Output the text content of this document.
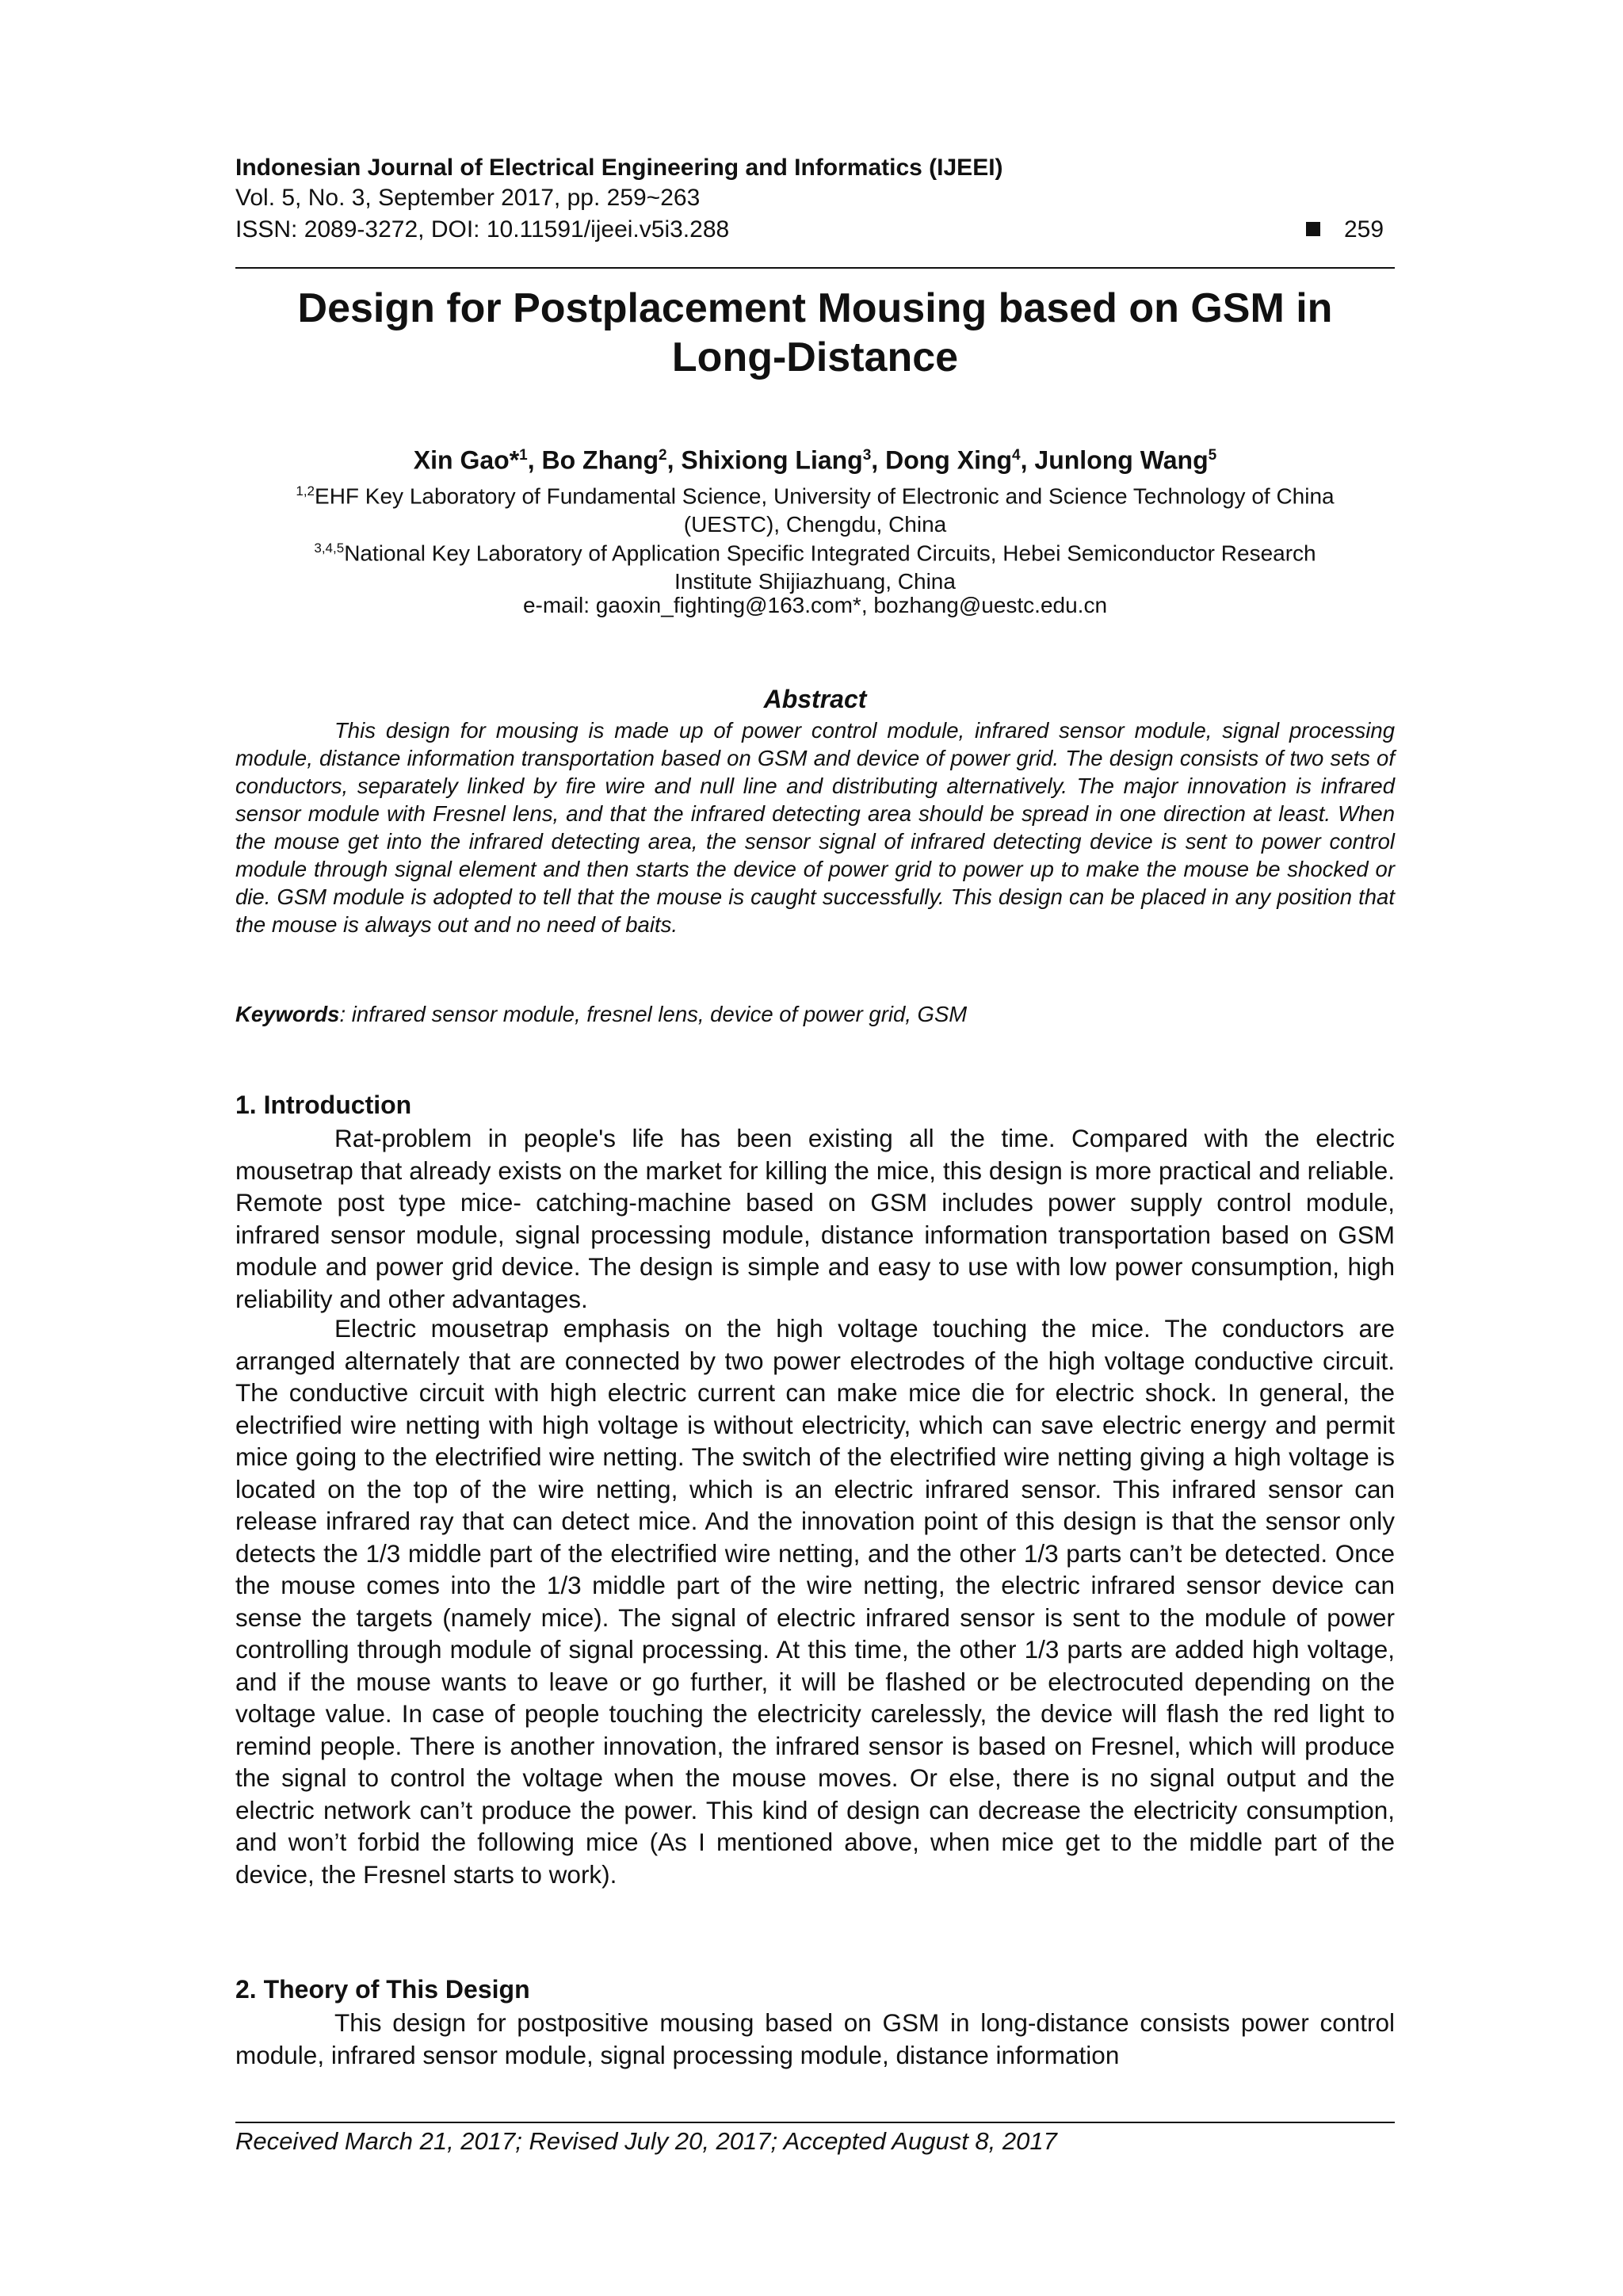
Indonesian Journal of Electrical Engineering and Informatics (IJEEI)
Vol. 5, No. 3, September 2017, pp. 259~263
ISSN: 2089-3272, DOI: 10.11591/ijeei.v5i3.288	259
Design for Postplacement Mousing based on GSM in
Long-Distance
Xin Gao*$^1$, Bo Zhang$^2$, Shixiong Liang$^3$, Dong Xing$^4$, Junlong Wang$^5$
$^{1,2}$EHF Key Laboratory of Fundamental Science, University of Electronic and Science Technology of China
(UESTC), Chengdu, China
$^{3,4,5}$National Key Laboratory of Application Specific Integrated Circuits, Hebei Semiconductor Research
Institute Shijiazhuang, China
e-mail: gaoxin_fighting@163.com*, bozhang@uestc.edu.cn
Abstract
This design for mousing is made up of power control module, infrared sensor module, signal processing module, distance information transportation based on GSM and device of power grid. The design consists of two sets of conductors, separately linked by fire wire and null line and distributing alternatively. The major innovation is infrared sensor module with Fresnel lens, and that the infrared detecting area should be spread in one direction at least. When the mouse get into the infrared detecting area, the sensor signal of infrared detecting device is sent to power control module through signal element and then starts the device of power grid to power up to make the mouse be shocked or die. GSM module is adopted to tell that the mouse is caught successfully. This design can be placed in any position that the mouse is always out and no need of baits.
Keywords: infrared sensor module, fresnel lens, device of power grid, GSM
1. Introduction
Rat-problem in people's life has been existing all the time. Compared with the electric mousetrap that already exists on the market for killing the mice, this design is more practical and reliable. Remote post type mice- catching-machine based on GSM includes power supply control module, infrared sensor module, signal processing module, distance information transportation based on GSM module and power grid device. The design is simple and easy to use with low power consumption, high reliability and other advantages.
Electric mousetrap emphasis on the high voltage touching the mice. The conductors are arranged alternately that are connected by two power electrodes of the high voltage conductive circuit. The conductive circuit with high electric current can make mice die for electric shock. In general, the electrified wire netting with high voltage is without electricity, which can save electric energy and permit mice going to the electrified wire netting. The switch of the electrified wire netting giving a high voltage is located on the top of the wire netting, which is an electric infrared sensor. This infrared sensor can release infrared ray that can detect mice. And the innovation point of this design is that the sensor only detects the 1/3 middle part of the electrified wire netting, and the other 1/3 parts can’t be detected. Once the mouse comes into the 1/3 middle part of the wire netting, the electric infrared sensor device can sense the targets (namely mice). The signal of electric infrared sensor is sent to the module of power controlling through module of signal processing. At this time, the other 1/3 parts are added high voltage, and if the mouse wants to leave or go further, it will be flashed or be electrocuted depending on the voltage value. In case of people touching the electricity carelessly, the device will flash the red light to remind people. There is another innovation, the infrared sensor is based on Fresnel, which will produce the signal to control the voltage when the mouse moves. Or else, there is no signal output and the electric network can’t produce the power. This kind of design can decrease the electricity consumption, and won’t forbid the following mice (As I mentioned above, when mice get to the middle part of the device, the Fresnel starts to work).
2. Theory of This Design
This design for postpositive mousing based on GSM in long-distance consists power control module, infrared sensor module, signal processing module, distance information
Received March 21, 2017; Revised July 20, 2017; Accepted August 8, 2017
